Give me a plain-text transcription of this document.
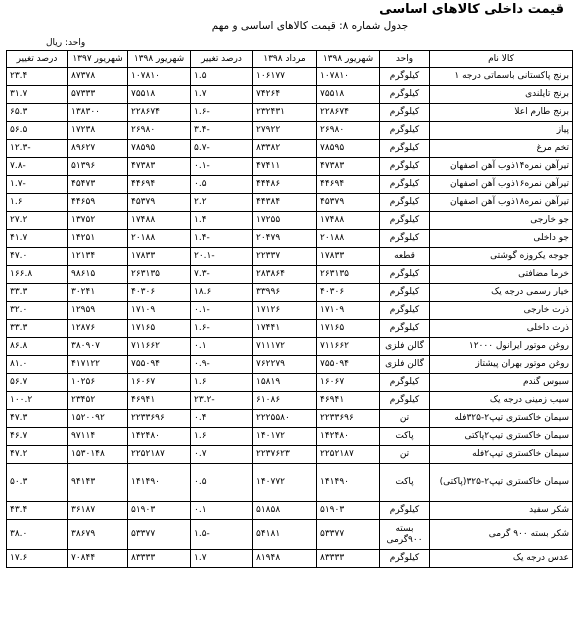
قیمت داخلی کالاهای اساسی
جدول شماره ۸: قیمت کالاهای اساسی و مهم
واحد: ریال
کالا نام	واحد	شهریور ۱۳۹۸	مرداد ۱۳۹۸	درصد تغییر	شهریور ۱۳۹۸	شهریور ۱۳۹۷	درصد تغییر
برنج پاکستانی باسماتی درجه ۱	کیلوگرم	۱۰۷۸۱۰	۱۰۶۱۷۷	۱.۵	۱۰۷۸۱۰	۸۷۳۷۸	۲۳.۴
برنج تایلندی	کیلوگرم	۷۵۵۱۸	۷۴۲۶۴	۱.۷	۷۵۵۱۸	۵۷۳۳۳	۳۱.۷
برنج طارم اعلا	کیلوگرم	۲۲۸۶۷۴	۲۳۲۴۳۱	-۱.۶	۲۲۸۶۷۴	۱۳۸۳۰۰	۶۵.۳
پیاز	کیلوگرم	۲۶۹۸۰	۲۷۹۲۲	-۳.۴	۲۶۹۸۰	۱۷۲۳۸	۵۶.۵
تخم مرغ	کیلوگرم	۷۸۵۹۵	۸۳۳۸۲	-۵.۷	۷۸۵۹۵	۸۹۶۲۷	-۱۲.۳
تیرآهن نمره۱۴ذوب آهن اصفهان	کیلوگرم	۴۷۳۸۳	۴۷۴۱۱	-۰.۱	۴۷۳۸۳	۵۱۳۹۶	-۷.۸
تیرآهن نمره۱۶ذوب آهن اصفهان	کیلوگرم	۴۴۶۹۴	۴۴۴۸۶	۰.۵	۴۴۶۹۴	۴۵۴۷۳	-۱.۷
تیرآهن نمره۱۸ذوب آهن اصفهان	کیلوگرم	۴۵۳۷۹	۴۴۳۸۴	۲.۲	۴۵۳۷۹	۴۴۶۵۹	۱.۶
جو خارجی	کیلوگرم	۱۷۴۸۸	۱۷۲۵۵	۱.۴	۱۷۴۸۸	۱۳۷۵۲	۲۷.۲
جو داخلی	کیلوگرم	۲۰۱۸۸	۲۰۴۷۹	-۱.۴	۲۰۱۸۸	۱۴۲۵۱	۴۱.۷
جوجه یکروزه گوشتی	قطعه	۱۷۸۳۳	۲۲۳۳۷	-۲۰.۱	۱۷۸۳۳	۱۲۱۳۴	۴۷.۰
خرما مضافتی	کیلوگرم	۲۶۳۱۳۵	۲۸۳۸۶۴	-۷.۳	۲۶۳۱۳۵	۹۸۶۱۵	۱۶۶.۸
خیار رسمی درجه یک	کیلوگرم	۴۰۳۰۶	۳۳۹۹۶	۱۸.۶	۴۰۳۰۶	۳۰۲۴۱	۳۳.۳
ذرت خارجی	کیلوگرم	۱۷۱۰۹	۱۷۱۲۶	-۰.۱	۱۷۱۰۹	۱۲۹۵۹	۳۲.۰
ذرت داخلی	کیلوگرم	۱۷۱۶۵	۱۷۴۴۱	-۱.۶	۱۷۱۶۵	۱۲۸۷۶	۳۳.۳
روغن موتور ایرانول ۱۲۰۰۰	گالن فلزی	۷۱۱۶۶۲	۷۱۱۱۷۲	۰.۱	۷۱۱۶۶۲	۳۸۰۹۰۷	۸۶.۸
روغن موتور بهران پیشتاز	گالن فلزی	۷۵۵۰۹۴	۷۶۲۲۷۹	-۰.۹	۷۵۵۰۹۴	۴۱۷۱۲۲	۸۱.۰
سبوس گندم	کیلوگرم	۱۶۰۶۷	۱۵۸۱۹	۱.۶	۱۶۰۶۷	۱۰۲۵۶	۵۶.۷
سیب زمینی درجه یک	کیلوگرم	۴۶۹۴۱	۶۱۰۸۶	-۲۳.۲	۴۶۹۴۱	۲۳۴۵۲	۱۰۰.۲
سیمان خاکستری تیپ۲-۳۲۵فله	تن	۲۲۳۳۶۹۶	۲۲۲۵۵۸۰	۰.۴	۲۲۳۳۶۹۶	۱۵۲۰۰۹۲	۴۷.۳
سیمان خاکستری تیپ۲پاکتی	پاکت	۱۴۲۴۸۰	۱۴۰۱۷۲	۱.۶	۱۴۲۴۸۰	۹۷۱۱۴	۴۶.۷
سیمان خاکستری تیپ۲فله	تن	۲۲۵۲۱۸۷	۲۲۳۷۶۲۳	۰.۷	۲۲۵۲۱۸۷	۱۵۳۰۱۴۸	۴۷.۲
سیمان خاکستری تیپ۲-۳۲۵(پاکتی)	پاکت	۱۴۱۴۹۰	۱۴۰۷۷۲	۰.۵	۱۴۱۴۹۰	۹۴۱۴۳	۵۰.۳
شکر سفید	کیلوگرم	۵۱۹۰۳	۵۱۸۵۸	۰.۱	۵۱۹۰۳	۳۶۱۸۷	۴۳.۴
شکر بسته ۹۰۰ گرمی	بسته ۹۰۰گرمی	۵۳۳۷۷	۵۴۱۸۱	-۱.۵	۵۳۳۷۷	۳۸۶۷۹	۳۸.۰
عدس درجه یک	کیلوگرم	۸۳۳۳۳	۸۱۹۴۸	۱.۷	۸۳۳۳۳	۷۰۸۴۴	۱۷.۶
